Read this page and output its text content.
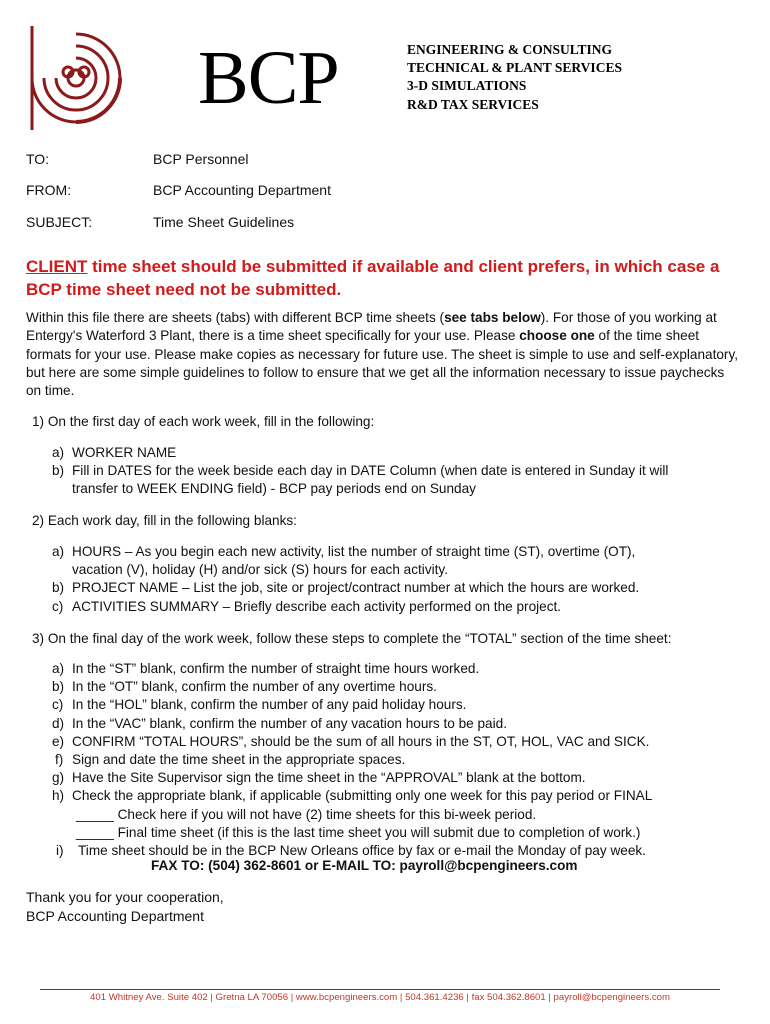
BCP	ENGINEERING & CONSULTING
TECHNICAL & PLANT SERVICES
3-D SIMULATIONS
R&D TAX SERVICES
TO:	BCP Personnel
FROM:	BCP Accounting Department
SUBJECT:	Time Sheet Guidelines
CLIENT time sheet should be submitted if available and client prefers, in which case a BCP time sheet need not be submitted.
Within this file there are sheets (tabs) with different BCP time sheets (see tabs below). For those of you working at Entergy's Waterford 3 Plant, there is a time sheet specifically for your use. Please choose one of the time sheet formats for your use. Please make copies as necessary for future use. The sheet is simple to use and self-explanatory, but here are some simple guidelines to follow to ensure that we get all the information necessary to issue paychecks on time.
1) On the first day of each work week, fill in the following:
a) WORKER NAME
b) Fill in DATES for the week beside each day in DATE Column (when date is entered in Sunday it will
transfer to WEEK ENDING field) - BCP pay periods end on Sunday
2) Each work day, fill in the following blanks:
a) HOURS – As you begin each new activity, list the number of straight time (ST), overtime (OT),
vacation (V), holiday (H) and/or sick (S) hours for each activity.
b) PROJECT NAME – List the job, site or project/contract number at which the hours are worked.
c) ACTIVITIES SUMMARY – Briefly describe each activity performed on the project.
3) On the final day of the work week, follow these steps to complete the “TOTAL” section of the time sheet:
a) In the “ST” blank, confirm the number of straight time hours worked.
b) In the “OT” blank, confirm the number of any overtime hours.
c) In the “HOL” blank, confirm the number of any paid holiday hours.
d) In the “VAC” blank, confirm the number of any vacation hours to be paid.
e) CONFIRM “TOTAL HOURS”, should be the sum of all hours in the ST, OT, HOL, VAC and SICK.
f) Sign and date the time sheet in the appropriate spaces.
g) Have the Site Supervisor sign the time sheet in the “APPROVAL” blank at the bottom.
h) Check the appropriate blank, if applicable (submitting only one week for this pay period or FINAL
_____ Check here if you will not have (2) time sheets for this bi-week period.
_____ Final time sheet (if this is the last time sheet you will submit due to completion of work.)
i) Time sheet should be in the BCP New Orleans office by fax or e-mail the Monday of pay week.
FAX TO: (504) 362-8601 or E-MAIL TO: payroll@bcpengineers.com
Thank you for your cooperation,
BCP Accounting Department
401 Whitney Ave. Suite 402 | Gretna LA 70056 | www.bcpengineers.com | 504.361.4236 | fax 504.362.8601 | payroll@bcpengineers.com
